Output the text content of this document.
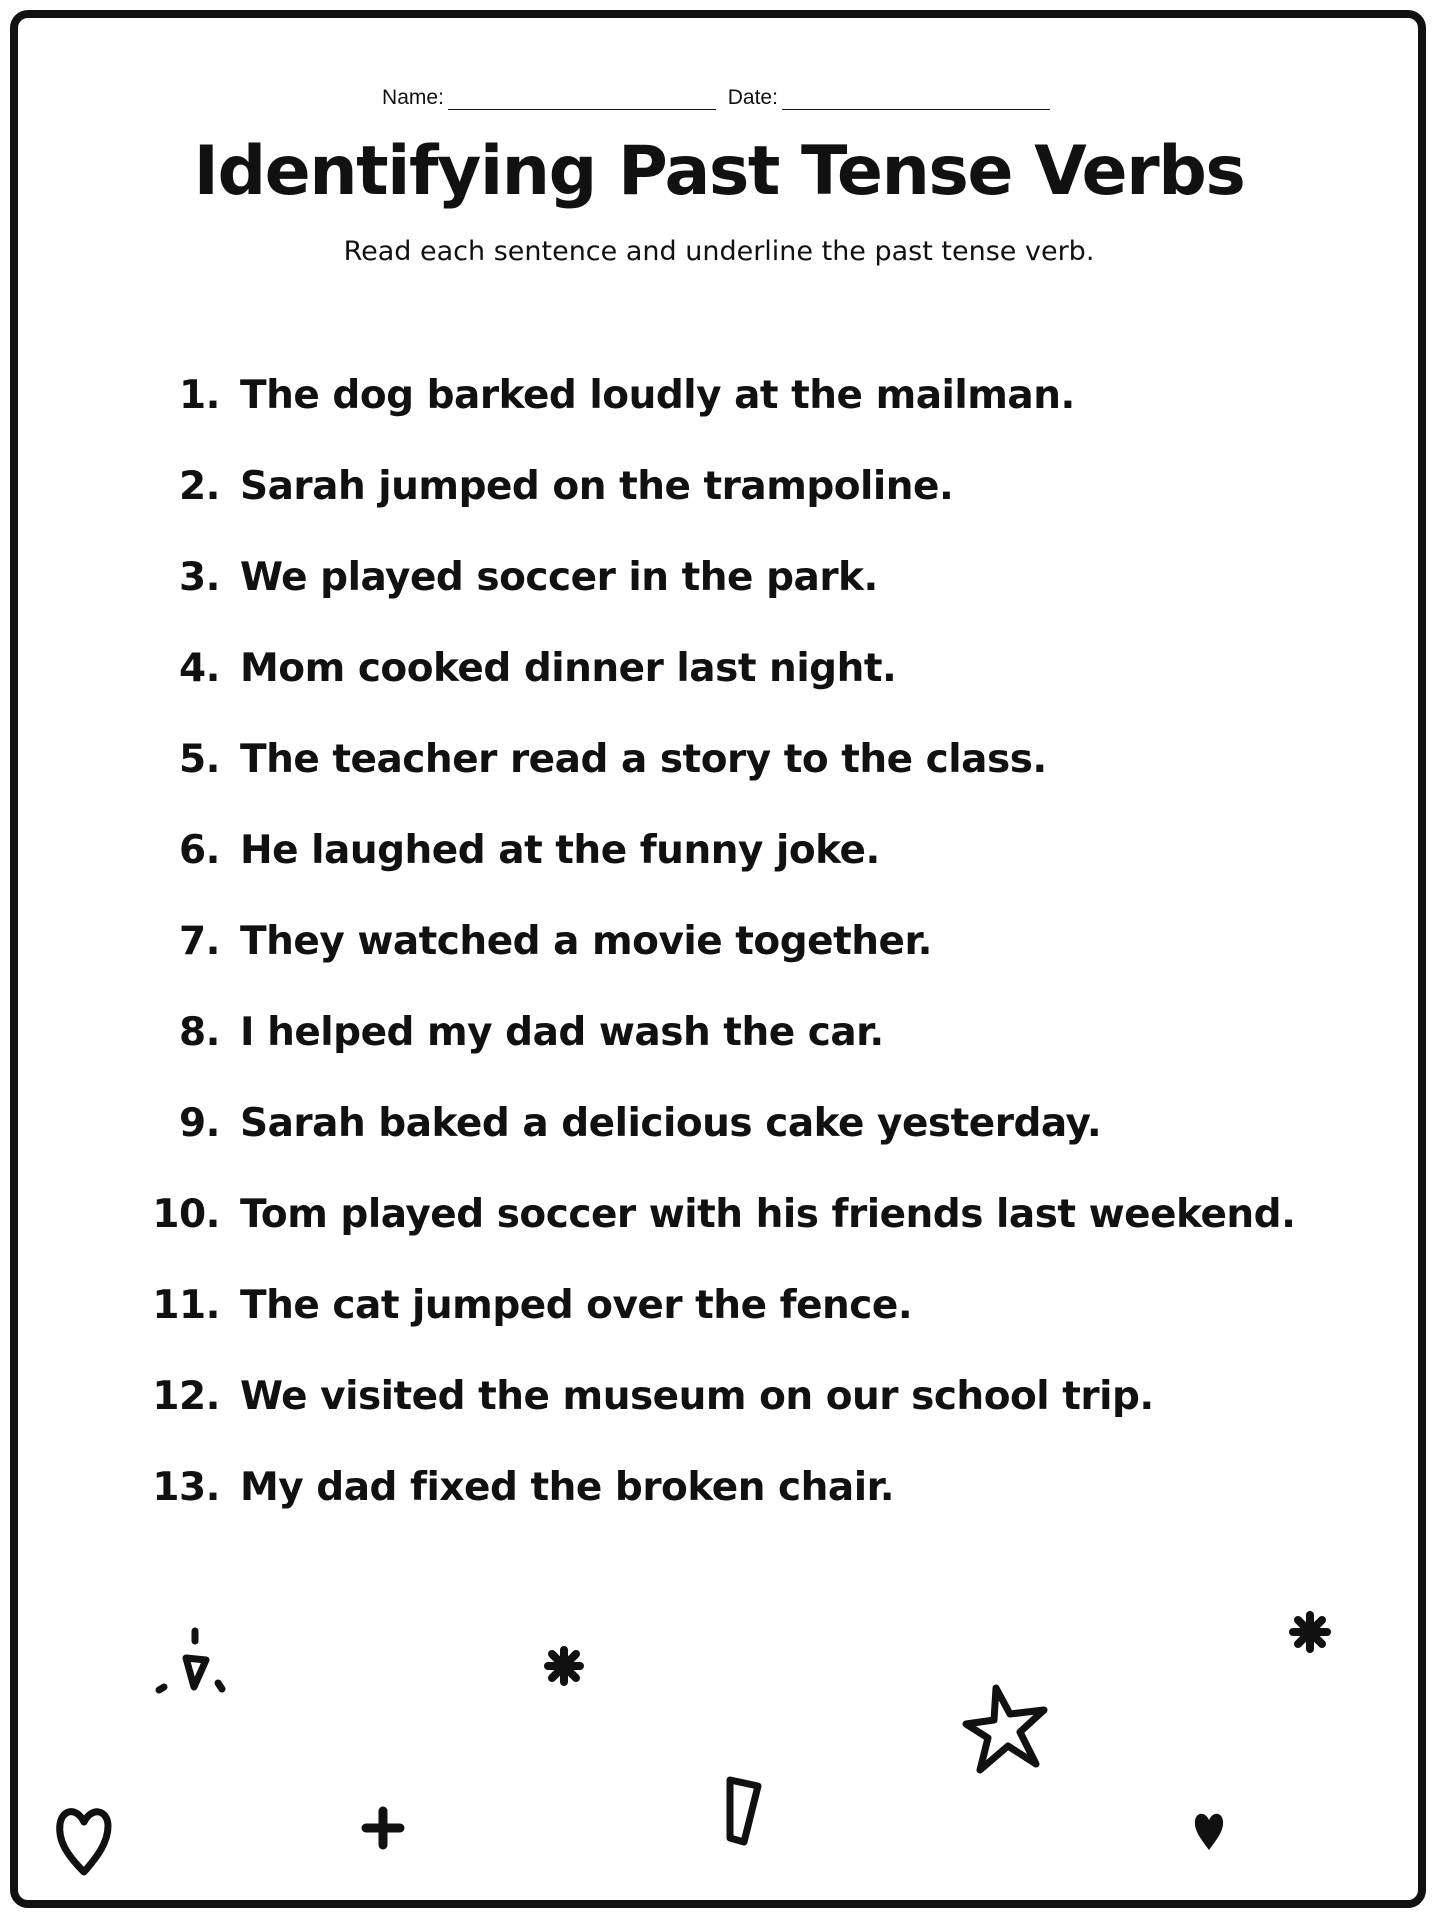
Name:	Date:
Identifying Past Tense Verbs

Read each sentence and underline the past tense verb.

1. The dog barked loudly at the mailman.
2. Sarah jumped on the trampoline.
3. We played soccer in the park.
4. Mom cooked dinner last night.
5. The teacher read a story to the class.
6. He laughed at the funny joke.
7. They watched a movie together.
8. I helped my dad wash the car.
9. Sarah baked a delicious cake yesterday.
10. Tom played soccer with his friends last weekend.
11. The cat jumped over the fence.
12. We visited the museum on our school trip.
13. My dad fixed the broken chair.
